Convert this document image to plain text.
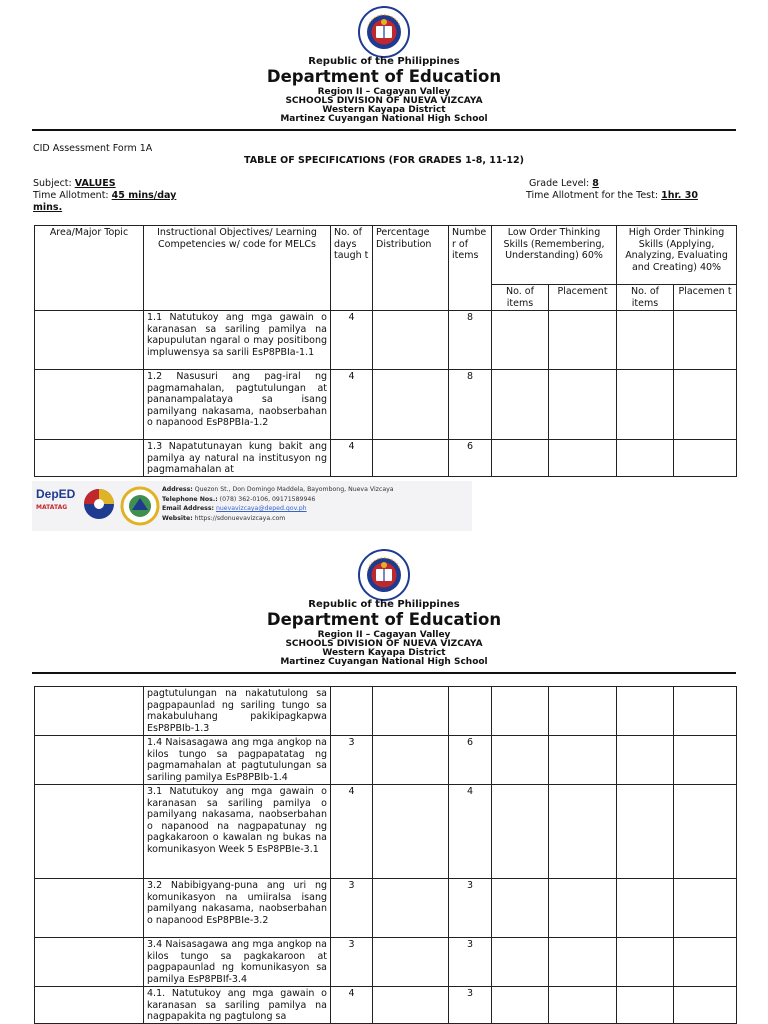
Republic of the Philippines
Department of Education
Region II – Cagayan Valley
SCHOOLS DIVISION OF NUEVA VIZCAYA
Western Kayapa District
Martinez Cuyangan National High School
CID Assessment Form 1A
TABLE OF SPECIFICATIONS (FOR GRADES 1-8, 11-12)
Subject: VALUES	Grade Level: 8
Time Allotment: 45 mins/day
mins.
Time Allotment for the Test: 1hr. 30
Area/Major Topic	Instructional Objectives/ Learning Competencies w/ code for MELCs	No. of days taugh t	Percentage Distribution	Numbe r of items	Low Order Thinking Skills (Remembering, Understanding) 60%		High Order Thinking Skills (Applying, Analyzing, Evaluating and Creating) 40%	
					No. of items	Placement	No. of items	Placemen t
	1.1 Natutukoy ang mga gawain o karanasan sa sariling pamilya na kapupulutan ngaral o may positibong impluwensya sa sarili EsP8PBIa-1.1	4		8				
	1.2 Nasusuri ang pag-iral ng pagmamahalan, pagtutulungan at pananampalataya sa isang pamilyang nakasama, naobserbahan o napanood EsP8PBIa-1.2	4		8				

	1.3 Napatutunayan kung bakit ang pamilya ay natural na institusyon ng pagmamahalan at	4		6				
DepED
MATATAG
Address: Quezon St., Don Domingo Maddela, Bayombong, Nueva Vizcaya
Telephone Nos.: (078) 362-0106, 09171589946
Email Address: nuevavizcaya@deped.gov.ph
Website: https://sdonuevavizcaya.com
Republic of the Philippines
Department of Education
Region II – Cagayan Valley
SCHOOLS DIVISION OF NUEVA VIZCAYA
Western Kayapa District
Martinez Cuyangan National High School
	pagtutulungan na nakatutulong sa pagpapaunlad ng sariling tungo sa makabuluhang pakikipagkapwa EsP8PBIb-1.3							
	1.4 Naisasagawa ang mga angkop na kilos tungo sa pagpapatatag ng pagmamahalan at pagtutulungan sa sariling pamilya EsP8PBIb-1.4	3		6				
	3.1 Natutukoy ang mga gawain o karanasan sa sariling pamilya o pamilyang nakasama, naobserbahan o napanood na nagpapatunay ng pagkakaroon o kawalan ng bukas na komunikasyon Week 5 EsP8PBIe-3.1	4		4				
	3.2 Nabibigyang-puna ang uri ng komunikasyon na umiiralsa isang pamilyang nakasama, naobserbahan o napanood EsP8PBIe-3.2	3		3				
	3.4 Naisasagawa ang mga angkop na kilos tungo sa pagkakaroon at pagpapaunlad ng komunikasyon sa pamilya EsP8PBIf-3.4	3		3				

	4.1. Natutukoy ang mga gawain o karanasan sa sariling pamilya na nagpapakita ng pagtulong sa	4		3				
